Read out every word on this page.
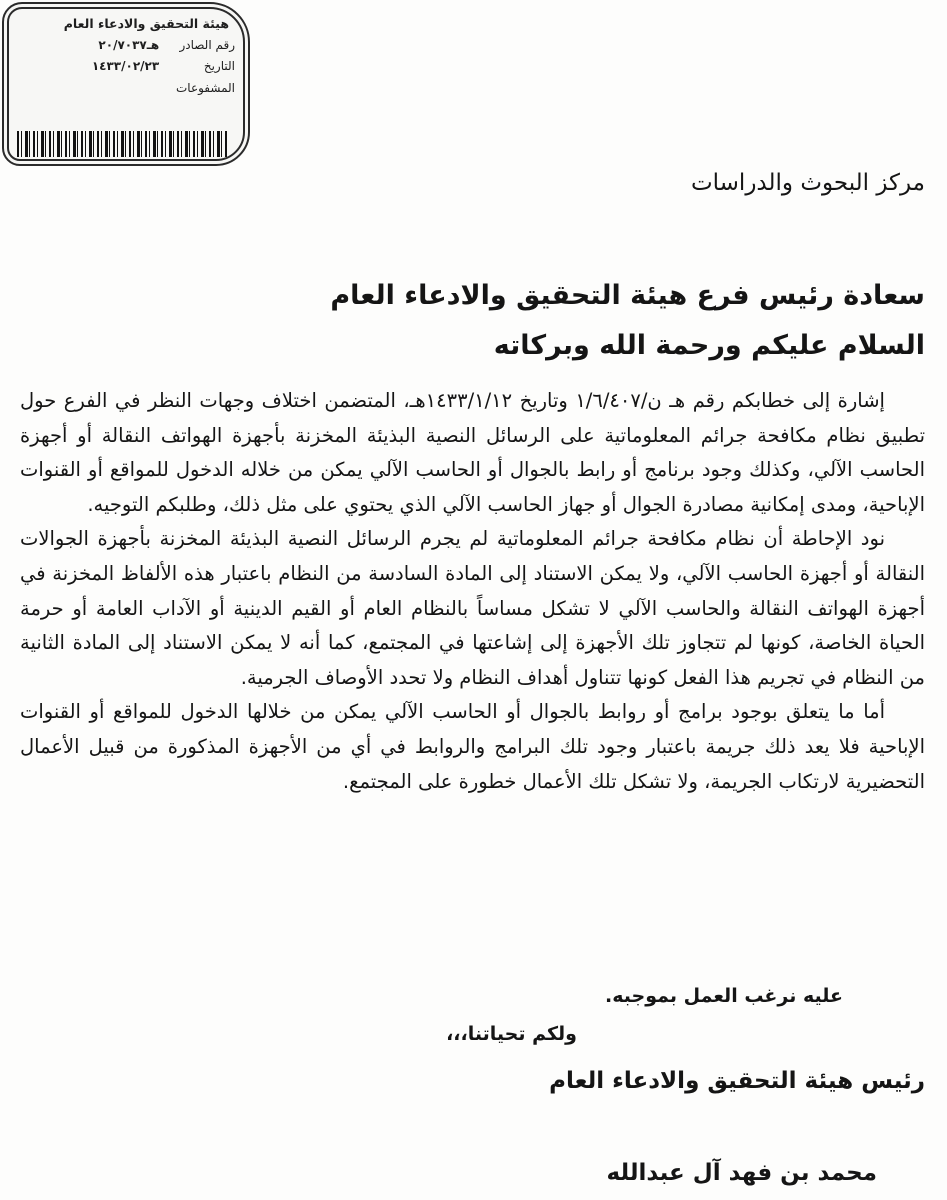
هيئة التحقيق والادعاء العام
رقم الصادر هـ٢٠/٧٠٣٧
التاريخ ١٤٣٣/٠٢/٢٣
المشفوعات
مركز البحوث والدراسات
سعادة رئيس فرع هيئة التحقيق والادعاء العام
السلام عليكم ورحمة الله وبركاته

إشارة إلى خطابكم رقم هـ ن/١/٦/٤٠٧ وتاريخ ١٤٣٣/١/١٢هـ، المتضمن اختلاف وجهات النظر في الفرع حول تطبيق نظام مكافحة جرائم المعلوماتية على الرسائل النصية البذيئة المخزنة بأجهزة الهواتف النقالة أو أجهزة الحاسب الآلي، وكذلك وجود برنامج أو رابط بالجوال أو الحاسب الآلي يمكن من خلاله الدخول للمواقع أو القنوات الإباحية، ومدى إمكانية مصادرة الجوال أو جهاز الحاسب الآلي الذي يحتوي على مثل ذلك، وطلبكم التوجيه.

نود الإحاطة أن نظام مكافحة جرائم المعلوماتية لم يجرم الرسائل النصية البذيئة المخزنة بأجهزة الجوالات النقالة أو أجهزة الحاسب الآلي، ولا يمكن الاستناد إلى المادة السادسة من النظام باعتبار هذه الألفاظ المخزنة في أجهزة الهواتف النقالة والحاسب الآلي لا تشكل مساساً بالنظام العام أو القيم الدينية أو الآداب العامة أو حرمة الحياة الخاصة، كونها لم تتجاوز تلك الأجهزة إلى إشاعتها في المجتمع، كما أنه لا يمكن الاستناد إلى المادة الثانية من النظام في تجريم هذا الفعل كونها تتناول أهداف النظام ولا تحدد الأوصاف الجرمية.

أما ما يتعلق بوجود برامج أو روابط بالجوال أو الحاسب الآلي يمكن من خلالها الدخول للمواقع أو القنوات الإباحية فلا يعد ذلك جريمة باعتبار وجود تلك البرامج والروابط في أي من الأجهزة المذكورة من قبيل الأعمال التحضيرية لارتكاب الجريمة، ولا تشكل تلك الأعمال خطورة على المجتمع.

عليه نرغب العمل بموجبه.
ولكم تحياتنا،،،
رئيس هيئة التحقيق والادعاء العام
محمد بن فهد آل عبدالله
